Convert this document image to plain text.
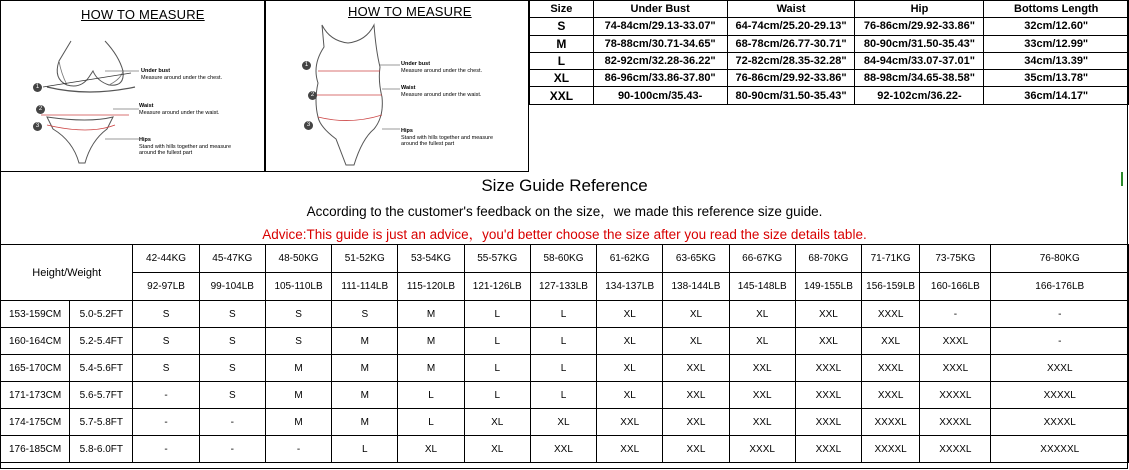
HOW TO MEASURE
1
2
3
Under bust
Measure around under the chest.
Waist
Measure around under the waist.
Hips
Stand with hills together and measure
around the fullest part
HOW TO MEASURE
1
2
3
Under bust
Measure around under the chest.
Waist
Measure around under the waist.
Hips
Stand with hills together and measure
around the fullest part
Size	Under Bust	Waist	Hip	Bottoms Length
S	74-84cm/29.13-33.07"	64-74cm/25.20-29.13"	76-86cm/29.92-33.86"	32cm/12.60"
M	78-88cm/30.71-34.65"	68-78cm/26.77-30.71"	80-90cm/31.50-35.43"	33cm/12.99"
L	82-92cm/32.28-36.22"	72-82cm/28.35-32.28"	84-94cm/33.07-37.01"	34cm/13.39"
XL	86-96cm/33.86-37.80"	76-86cm/29.92-33.86"	88-98cm/34.65-38.58"	35cm/13.78"
XXL	90-100cm/35.43-	80-90cm/31.50-35.43"	92-102cm/36.22-	36cm/14.17"
Size Guide Reference
According to the customer's feedback on the size，we made this reference size guide.
Advice:This guide is just an advice，you'd better choose the size after you read the size details table.
Height/Weight		42-44KG	45-47KG	48-50KG	51-52KG	53-54KG	55-57KG	58-60KG	61-62KG	63-65KG	66-67KG	68-70KG	71-71KG	73-75KG	76-80KG
		92-97LB	99-104LB	105-110LB	111-114LB	115-120LB	121-126LB	127-133LB	134-137LB	138-144LB	145-148LB	149-155LB	156-159LB	160-166LB	166-176LB
153-159CM	5.0-5.2FT	S	S	S	S	M	L	L	XL	XL	XL	XXL	XXXL	-	-
160-164CM	5.2-5.4FT	S	S	S	M	M	L	L	XL	XL	XL	XXL	XXL	XXXL	-
165-170CM	5.4-5.6FT	S	S	M	M	M	L	L	XL	XXL	XXL	XXXL	XXXL	XXXL	XXXL
171-173CM	5.6-5.7FT	-	S	M	M	L	L	L	XL	XXL	XXL	XXXL	XXXL	XXXXL	XXXXL
174-175CM	5.7-5.8FT	-	-	M	M	L	XL	XL	XXL	XXL	XXL	XXXL	XXXXL	XXXXL	XXXXL
176-185CM	5.8-6.0FT	-	-	-	L	XL	XL	XXL	XXL	XXL	XXXL	XXXL	XXXXL	XXXXL	XXXXXL
